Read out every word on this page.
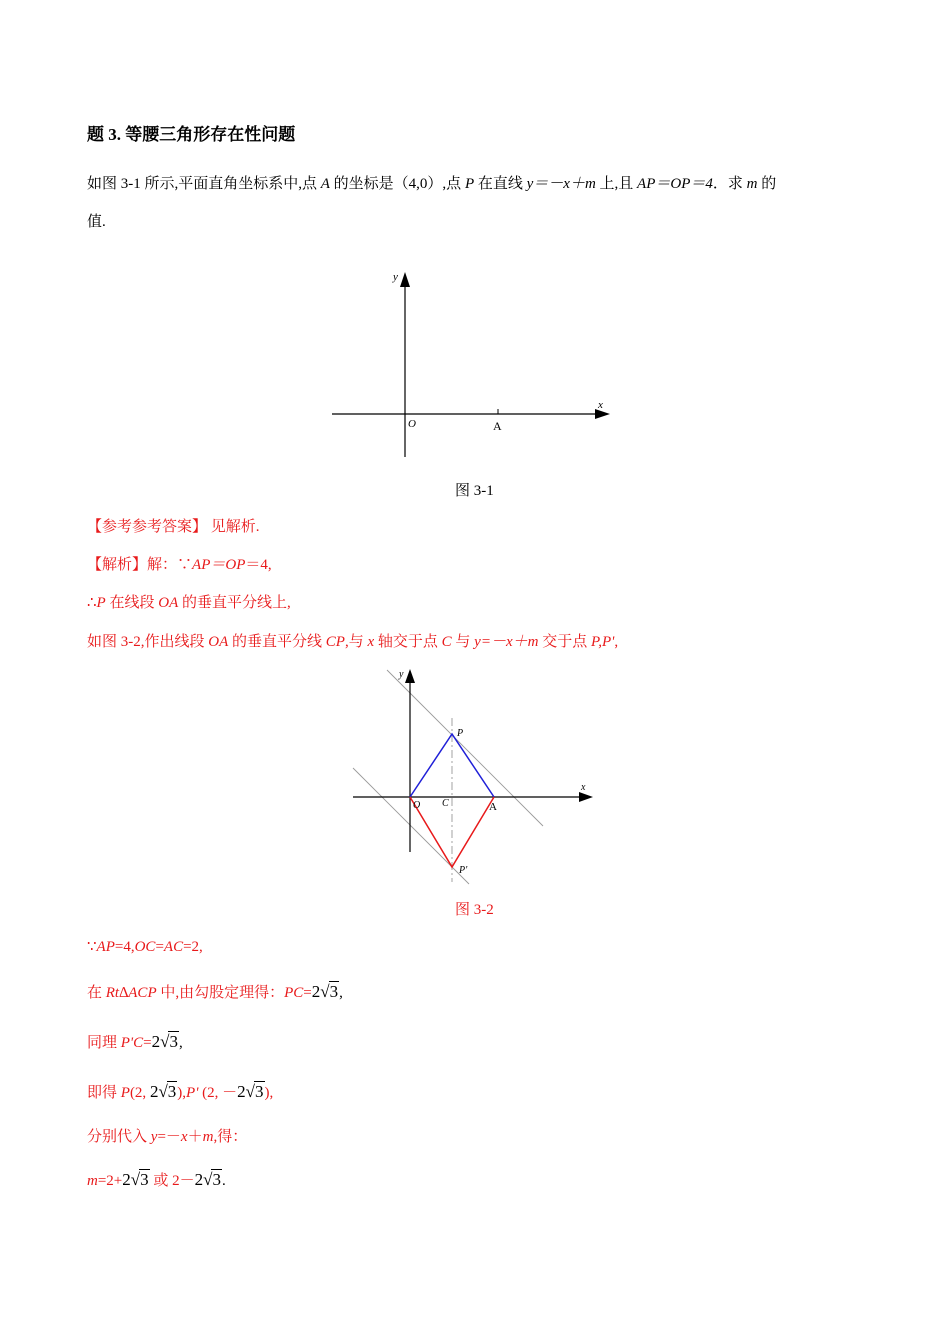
题 3. 等腰三角形存在性问题
如图 3-1 所示,平面直角坐标系中,点 A 的坐标是（4,0）,点 P 在直线 y＝－x＋m 上,且 AP＝OP＝4．求 m 的
值.
x
y
O	A
图 3-1
【参考参考答案】 见解析.
【解析】解：∵AP＝OP＝4,
∴P 在线段 OA 的垂直平分线上,
如图 3-2,作出线段 OA 的垂直平分线 CP,与 x 轴交于点 C 与 y=－x＋m 交于点 P,P',
x
y
O C	A
P
P'
图 3-2
∵AP=4,OC=AC=2,
在 Rt∆ACP 中,由勾股定理得：PC=2√3,
同理 P'C=2√3,
即得 P(2, 2√3),P' (2, －2√3),
分别代入 y=－x＋m,得：
m=2+2√3 或 2－2√3.
